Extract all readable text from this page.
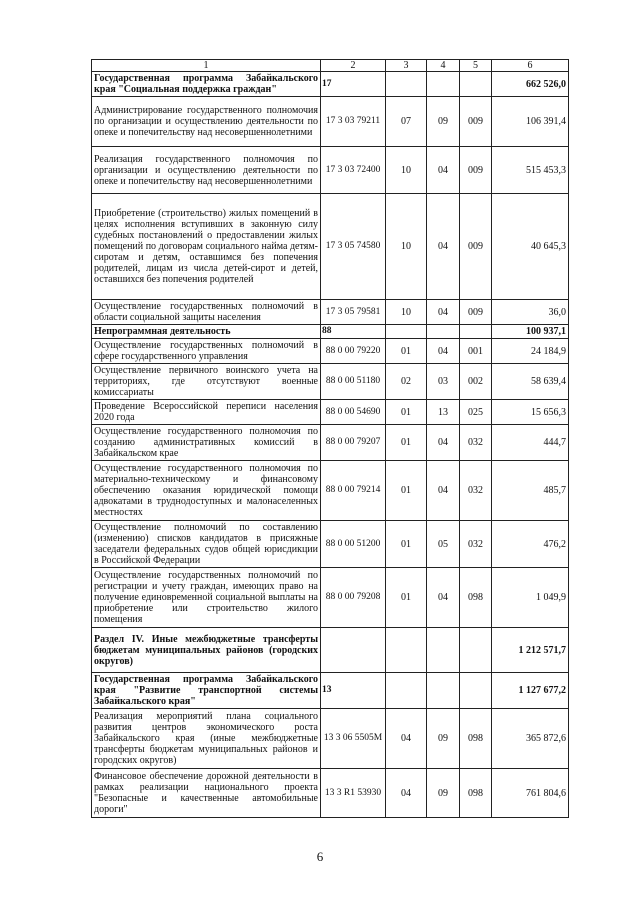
1	2	3	4	5	6
Государственная программа Забайкальского края "Социальная поддержка граждан"	17				662 526,0
Администрирование государственного полномочия по организации и осуществлению деятельности по опеке и попечительству над несовершеннолетними	17 3 03 79211	07	09	009	106 391,4
Реализация государственного полномочия по организации и осуществлению деятельности по опеке и попечительству над несовершеннолетними	17 3 03 72400	10	04	009	515 453,3
Приобретение (строительство) жилых помещений в целях исполнения вступивших в законную силу судебных постановлений о предоставлении жилых помещений по договорам социального найма детям-сиротам и детям, оставшимся без попечения родителей, лицам из числа детей-сирот и детей, оставшихся без попечения родителей	17 3 05 74580	10	04	009	40 645,3
Осуществление государственных полномочий в области социальной защиты населения	17 3 05 79581	10	04	009	36,0
Непрограммная деятельность	88				100 937,1
Осуществление государственных полномочий в сфере государственного управления	88 0 00 79220	01	04	001	24 184,9
Осуществление первичного воинского учета на территориях, где отсутствуют военные комиссариаты	88 0 00 51180	02	03	002	58 639,4
Проведение Всероссийской переписи населения 2020 года	88 0 00 54690	01	13	025	15 656,3
Осуществление государственного полномочия по созданию административных комиссий в Забайкальском крае	88 0 00 79207	01	04	032	444,7
Осуществление государственного полномочия по материально-техническому и финансовому обеспечению оказания юридической помощи адвокатами в труднодоступных и малонаселенных местностях	88 0 00 79214	01	04	032	485,7
Осуществление полномочий по составлению (изменению) списков кандидатов в присяжные заседатели федеральных судов общей юрисдикции в Российской Федерации	88 0 00 51200	01	05	032	476,2
Осуществление государственных полномочий по регистрации и учету граждан, имеющих право на получение единовременной социальной выплаты на приобретение или строительство жилого помещения	88 0 00 79208	01	04	098	1 049,9
Раздел IV. Иные межбюджетные трансферты бюджетам муниципальных районов (городских округов)					1 212 571,7
Государственная программа Забайкальского края "Развитие транспортной системы Забайкальского края"	13				1 127 677,2
Реализация мероприятий плана социального развития центров экономического роста Забайкальского края (иные межбюджетные трансферты бюджетам муниципальных районов и городских округов)	13 3 06 5505M	04	09	098	365 872,6
Финансовое обеспечение дорожной деятельности в рамках реализации национального проекта "Безопасные и качественные автомобильные дороги"	13 3 R1 53930	04	09	098	761 804,6
6
